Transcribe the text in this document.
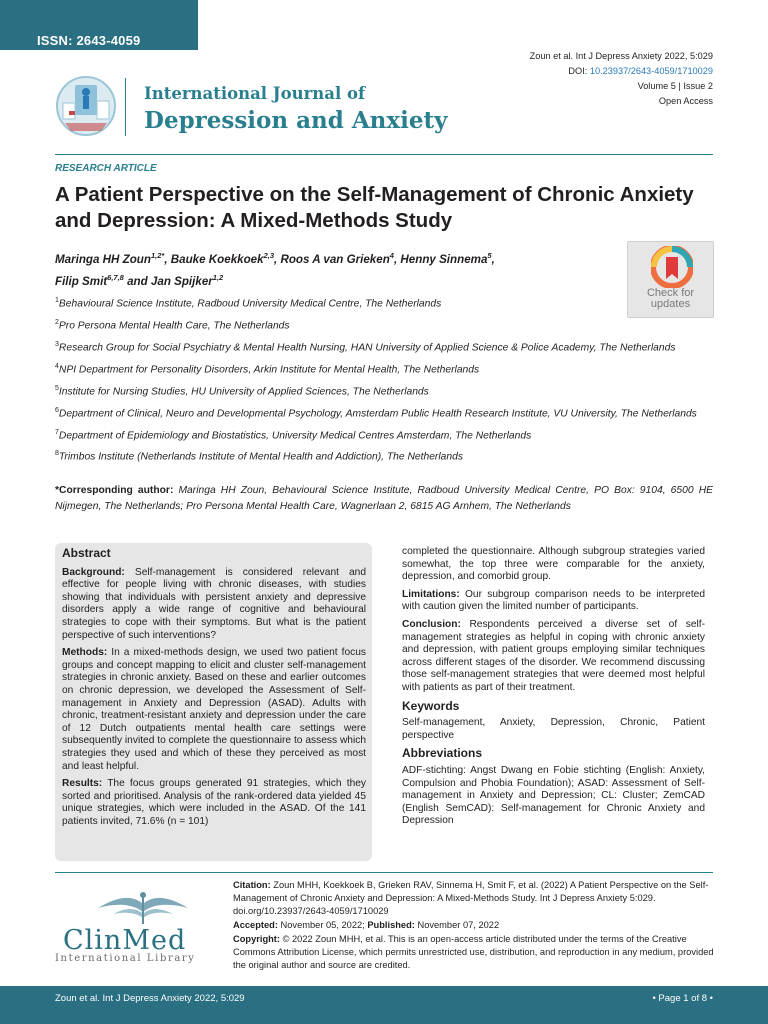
ISSN: 2643-4059
Zoun et al. Int J Depress Anxiety 2022, 5:029
DOI: 10.23937/2643-4059/1710029
Volume 5 | Issue 2
Open Access
International Journal of
Depression and Anxiety
RESEARCH ARTICLE
A Patient Perspective on the Self-Management of Chronic Anxiety and Depression: A Mixed-Methods Study
Maringa HH Zoun$^{1,2*}$, Bauke Koekkoek$^{2,3}$, Roos A van Grieken$^4$, Henny Sinnema$^5$,
Filip Smit$^{6,7,8}$ and Jan Spijker$^{1,2}$
Check for
updates

$^1$Behavioural Science Institute, Radboud University Medical Centre, The Netherlands

$^2$Pro Persona Mental Health Care, The Netherlands

$^3$Research Group for Social Psychiatry & Mental Health Nursing, HAN University of Applied Science & Police Academy, The Netherlands

$^4$NPI Department for Personality Disorders, Arkin Institute for Mental Health, The Netherlands

$^5$Institute for Nursing Studies, HU University of Applied Sciences, The Netherlands

$^6$Department of Clinical, Neuro and Developmental Psychology, Amsterdam Public Health Research Institute, VU University, The Netherlands

$^7$Department of Epidemiology and Biostatistics, University Medical Centres Amsterdam, The Netherlands

$^8$Trimbos Institute (Netherlands Institute of Mental Health and Addiction), The Netherlands

*Corresponding author: Maringa HH Zoun, Behavioural Science Institute, Radboud University Medical Centre, PO Box: 9104, 6500 HE Nijmegen, The Netherlands; Pro Persona Mental Health Care, Wagnerlaan 2, 6815 AG Arnhem, The Netherlands
Abstract

Background: Self-management is considered relevant and effective for people living with chronic diseases, with studies showing that individuals with persistent anxiety and depressive disorders apply a wide range of cognitive and behavioural strategies to cope with their symptoms. But what is the patient perspective of such interventions?

Methods: In a mixed-methods design, we used two patient focus groups and concept mapping to elicit and cluster self-management strategies in chronic anxiety. Based on these and earlier outcomes on chronic depression, we developed the Assessment of Self-management in Anxiety and Depression (ASAD). Adults with chronic, treatment-resistant anxiety and depression under the care of 12 Dutch outpatients mental health care settings were subsequently invited to complete the questionnaire to assess which strategies they used and which of these they perceived as most and least helpful.

Results: The focus groups generated 91 strategies, which they sorted and prioritised. Analysis of the rank-ordered data yielded 45 unique strategies, which were included in the ASAD. Of the 141 patients invited, 71.6% (n = 101)

completed the questionnaire. Although subgroup strategies varied somewhat, the top three were comparable for the anxiety, depression, and comorbid group.

Limitations: Our subgroup comparison needs to be interpreted with caution given the limited number of participants.

Conclusion: Respondents perceived a diverse set of self-management strategies as helpful in coping with chronic anxiety and depression, with patient groups employing similar techniques across different stages of the disorder. We recommend discussing those self-management strategies that were deemed most helpful with patients as part of their treatment.

Keywords

Self-management, Anxiety, Depression, Chronic, Patient perspective

Abbreviations

ADF-stichting: Angst Dwang en Fobie stichting (English: Anxiety, Compulsion and Phobia Foundation); ASAD: Assessment of Self-management in Anxiety and Depression; CL: Cluster; ZemCAD (English SemCAD): Self-management for Chronic Anxiety and Depression

ClinMed
International Library

Citation: Zoun MHH, Koekkoek B, Grieken RAV, Sinnema H, Smit F, et al. (2022) A Patient Perspective on the Self-Management of Chronic Anxiety and Depression: A Mixed-Methods Study. Int J Depress Anxiety 5:029. doi.org/10.23937/2643-4059/1710029

Accepted: November 05, 2022; Published: November 07, 2022

Copyright: © 2022 Zoun MHH, et al. This is an open-access article distributed under the terms of the Creative Commons Attribution License, which permits unrestricted use, distribution, and reproduction in any medium, provided the original author and source are credited.

Zoun et al. Int J Depress Anxiety 2022, 5:029	• Page 1 of 8 •
